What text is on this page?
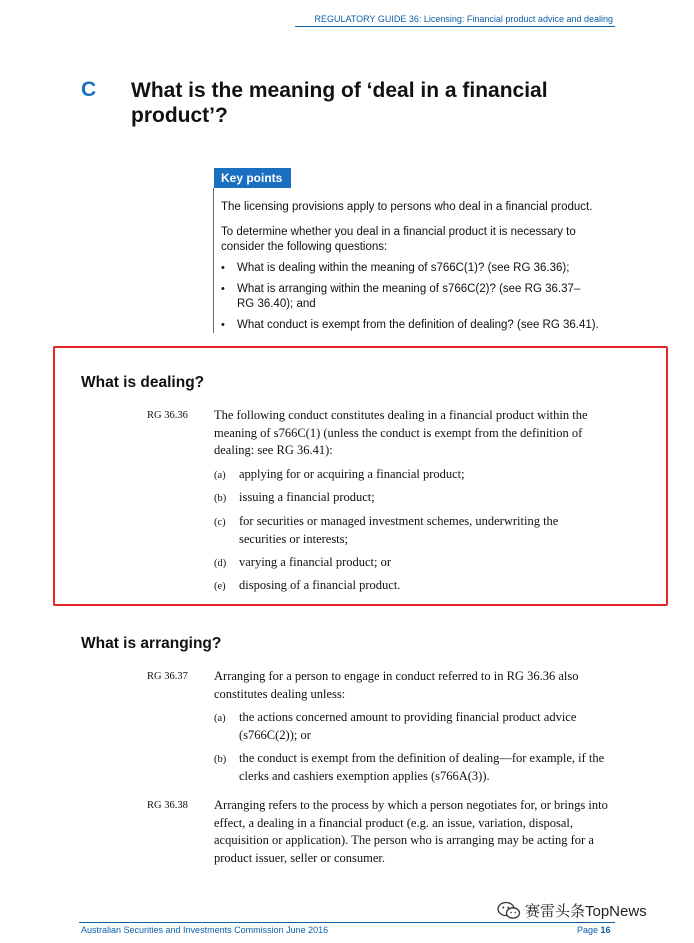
REGULATORY GUIDE 36: Licensing: Financial product advice and dealing
C What is the meaning of ‘deal in a financial product’?
Key points
The licensing provisions apply to persons who deal in a financial product.
To determine whether you deal in a financial product it is necessary to consider the following questions:
• What is dealing within the meaning of s766C(1)? (see RG 36.36);
• What is arranging within the meaning of s766C(2)? (see RG 36.37– RG 36.40); and
• What conduct is exempt from the definition of dealing? (see RG 36.41).
What is dealing?
RG 36.36 The following conduct constitutes dealing in a financial product within the meaning of s766C(1) (unless the conduct is exempt from the definition of dealing: see RG 36.41):
(a) applying for or acquiring a financial product;
(b) issuing a financial product;
(c) for securities or managed investment schemes, underwriting the securities or interests;
(d) varying a financial product; or
(e) disposing of a financial product.
What is arranging?
RG 36.37 Arranging for a person to engage in conduct referred to in RG 36.36 also constitutes dealing unless:
(a) the actions concerned amount to providing financial product advice (s766C(2)); or
(b) the conduct is exempt from the definition of dealing—for example, if the clerks and cashiers exemption applies (s766A(3)).
RG 36.38 Arranging refers to the process by which a person negotiates for, or brings into effect, a dealing in a financial product (e.g. an issue, variation, disposal, acquisition or application). The person who is arranging may be acting for a product issuer, seller or consumer.
赛雷头条TopNews
Australian Securities and Investments Commission June 2016	Page 16
